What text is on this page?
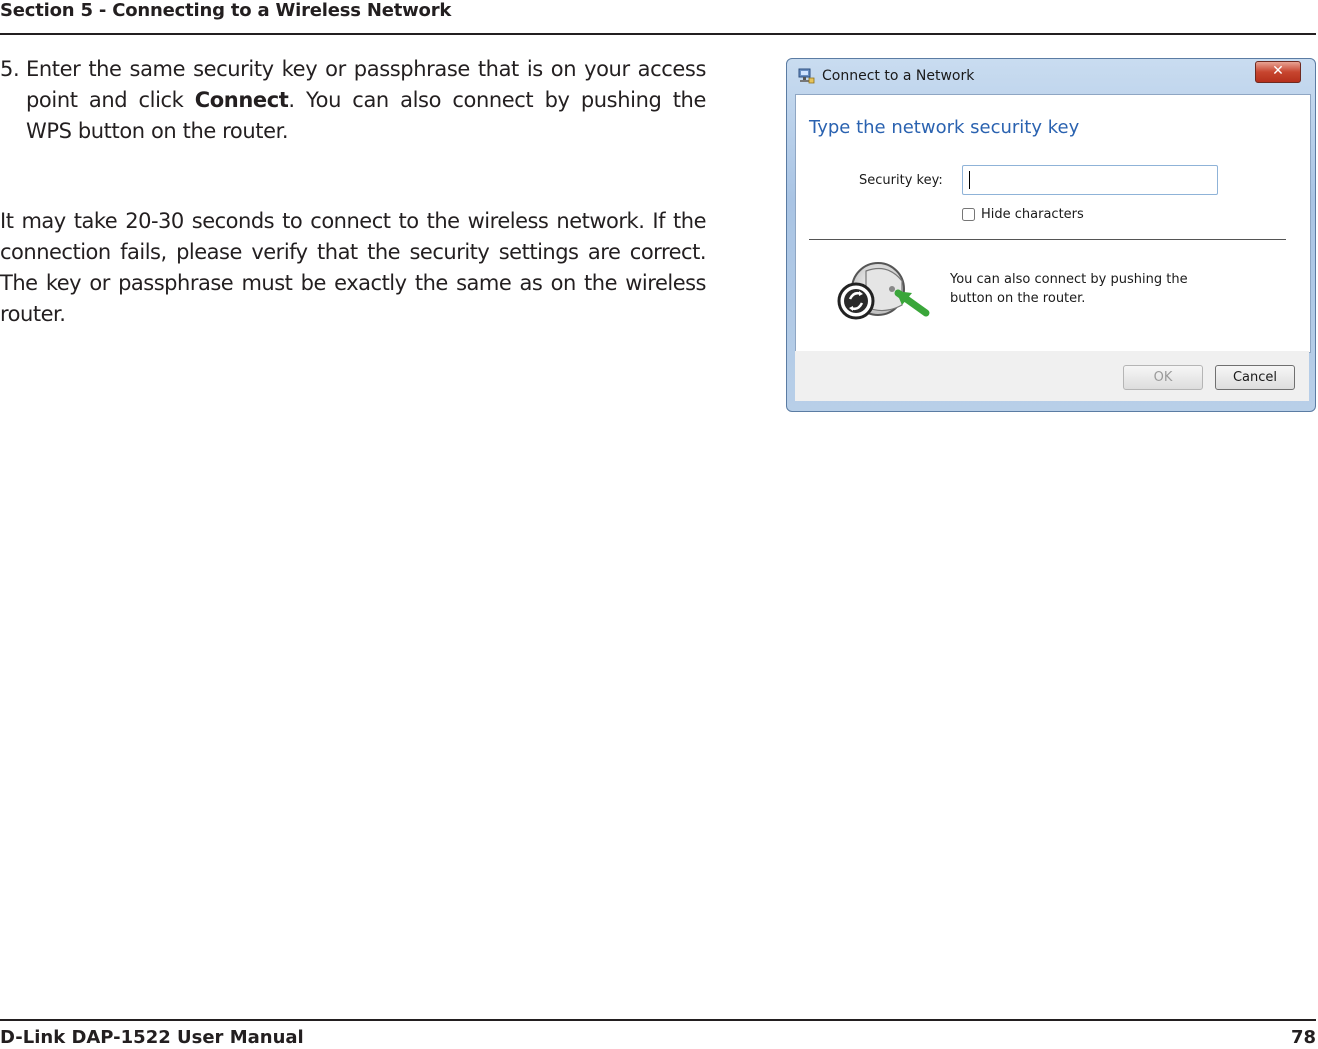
Section 5 - Connecting to a Wireless Network
5. Enter the same security key or passphrase that is on your access point and click Connect. You can also connect by pushing the WPS button on the router.
It may take 20-30 seconds to connect to the wireless network. If the connection fails, please verify that the security settings are correct. The key or passphrase must be exactly the same as on the wireless router.
Connect to a Network	✕
Type the network security key
Security key:
Hide characters
You can also connect by pushing the button on the router.
OK	Cancel
D-Link DAP-1522 User Manual	78
